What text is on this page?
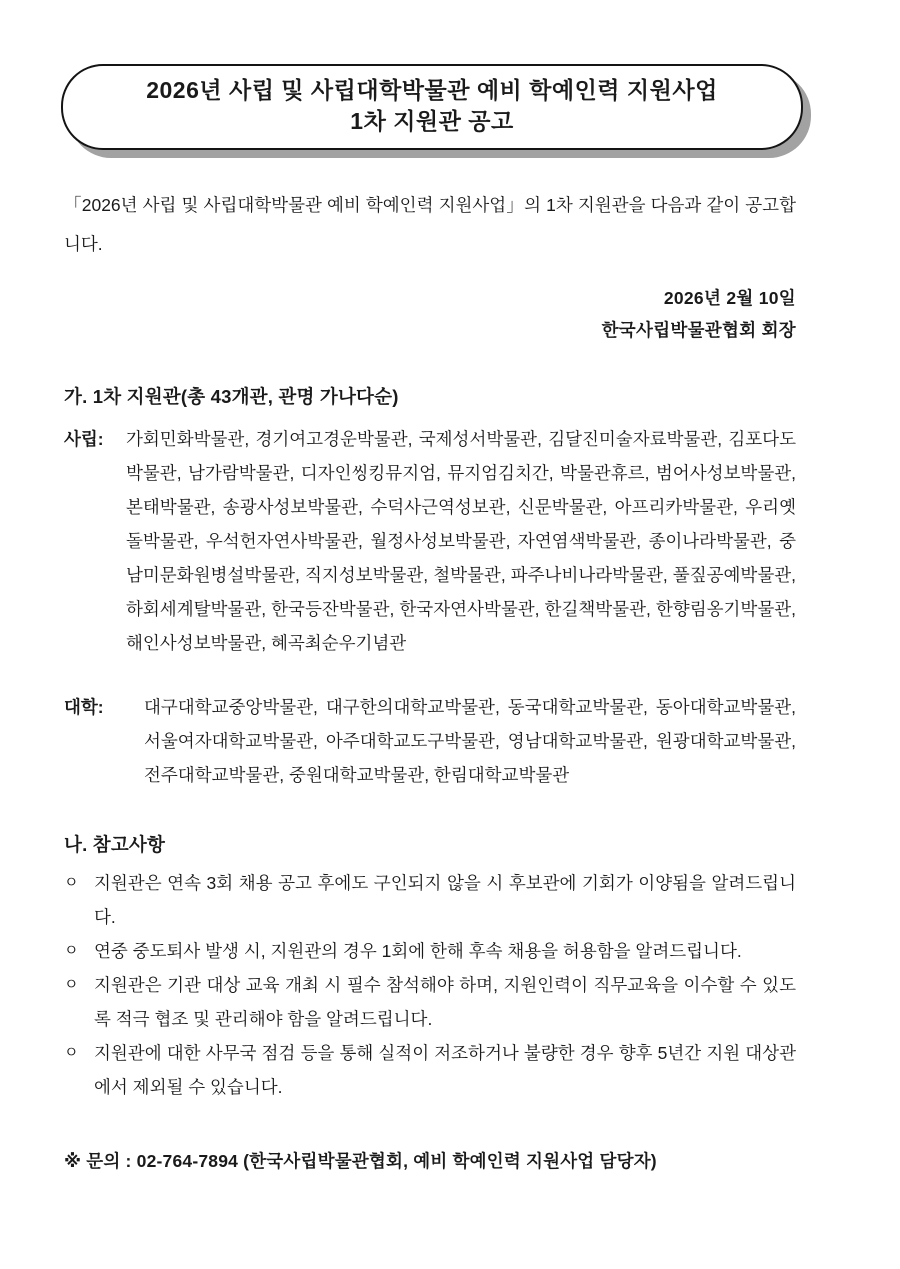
2026년 사립 및 사립대학박물관 예비 학예인력 지원사업
1차 지원관 공고

「2026년 사립 및 사립대학박물관 예비 학예인력 지원사업」의 1차 지원관을 다음과 같이 공고합니다.

2026년 2월 10일
한국사립박물관협회 회장
가. 1차 지원관(총 43개관, 관명 가나다순)
사립:	가회민화박물관, 경기여고경운박물관, 국제성서박물관, 김달진미술자료박물관, 김포다도박물관, 남가람박물관, 디자인씽킹뮤지엄, 뮤지엄김치간, 박물관휴르, 범어사성보박물관, 본태박물관, 송광사성보박물관, 수덕사근역성보관, 신문박물관, 아프리카박물관, 우리옛돌박물관, 우석헌자연사박물관, 월정사성보박물관, 자연염색박물관, 종이나라박물관, 중남미문화원병설박물관, 직지성보박물관, 철박물관, 파주나비나라박물관, 풀짚공예박물관, 하회세계탈박물관, 한국등잔박물관, 한국자연사박물관, 한길책박물관, 한향림옹기박물관, 해인사성보박물관, 혜곡최순우기념관
대학:	대구대학교중앙박물관, 대구한의대학교박물관, 동국대학교박물관, 동아대학교박물관, 서울여자대학교박물관, 아주대학교도구박물관, 영남대학교박물관, 원광대학교박물관, 전주대학교박물관, 중원대학교박물관, 한림대학교박물관
나. 참고사항
ㅇ 지원관은 연속 3회 채용 공고 후에도 구인되지 않을 시 후보관에 기회가 이양됨을 알려드립니다.
ㅇ 연중 중도퇴사 발생 시, 지원관의 경우 1회에 한해 후속 채용을 허용함을 알려드립니다.
ㅇ 지원관은 기관 대상 교육 개최 시 필수 참석해야 하며, 지원인력이 직무교육을 이수할 수 있도록 적극 협조 및 관리해야 함을 알려드립니다.
ㅇ 지원관에 대한 사무국 점검 등을 통해 실적이 저조하거나 불량한 경우 향후 5년간 지원 대상관에서 제외될 수 있습니다.
※ 문의 : 02-764-7894 (한국사립박물관협회, 예비 학예인력 지원사업 담당자)
